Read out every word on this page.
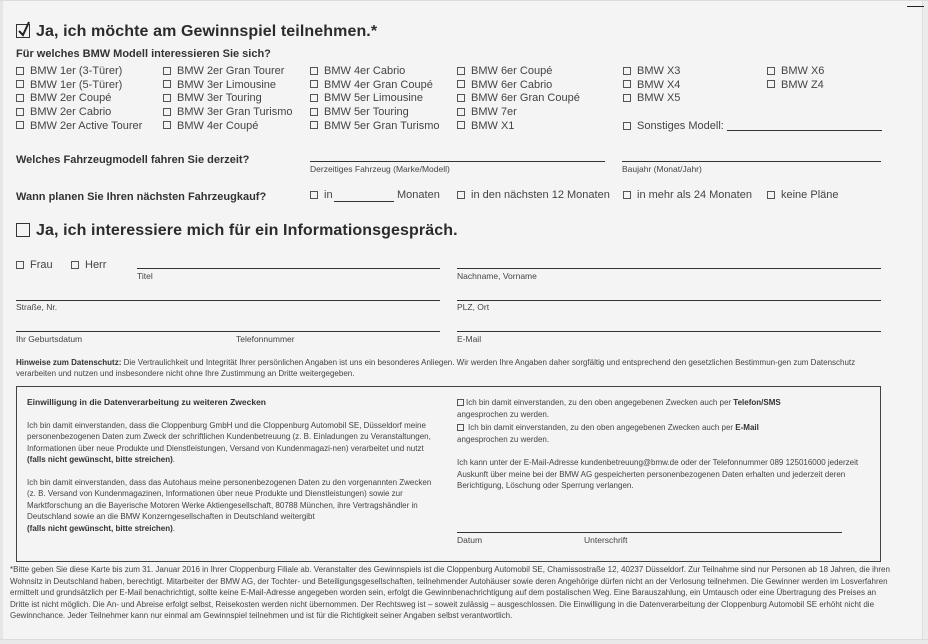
Ja, ich möchte am Gewinnspiel teilnehmen.*
Für welches BMW Modell interessieren Sie sich?
BMW 1er (3-Türer)
BMW 1er (5-Türer)
BMW 2er Coupé
BMW 2er Cabrio
BMW 2er Active Tourer
BMW 2er Gran Tourer
BMW 3er Limousine
BMW 3er Touring
BMW 3er Gran Turismo
BMW 4er Coupé
BMW 4er Cabrio
BMW 4er Gran Coupé
BMW 5er Limousine
BMW 5er Touring
BMW 5er Gran Turismo
BMW 6er Coupé
BMW 6er Cabrio
BMW 6er Gran Coupé
BMW 7er
BMW X1
BMW X3
BMW X4
BMW X5
BMW X6
BMW Z4
Sonstiges Modell:
Welches Fahrzeugmodell fahren Sie derzeit?
Derzeitiges Fahrzeug (Marke/Modell)	Baujahr (Monat/Jahr)
Wann planen Sie Ihren nächsten Fahrzeugkauf?	in	Monaten	in den nächsten 12 Monaten	in mehr als 24 Monaten	keine Pläne
Ja, ich interessiere mich für ein Informationsgespräch.
Frau	Herr
Titel	Nachname, Vorname
Straße, Nr.	PLZ, Ort
Ihr Geburtsdatum	Telefonnummer	E-Mail
Hinweise zum Datenschutz: Die Vertraulichkeit und Integrität Ihrer persönlichen Angaben ist uns ein besonderes Anliegen. Wir werden Ihre Angaben daher sorgfältig und entsprechend den gesetzlichen Bestimmun-gen zum Datenschutz verarbeiten und nutzen und insbesondere nicht ohne Ihre Zustimmung an Dritte weitergegeben.
Einwilligung in die Datenverarbeitung zu weiteren Zwecken
Ich bin damit einverstanden, dass die Cloppenburg GmbH und die Cloppenburg Automobil SE, Düsseldorf meine personenbezogenen Daten zum Zweck der schriftlichen Kundenbetreuung (z. B. Einladungen zu Veranstaltungen, Informationen über neue Produkte und Dienstleistungen, Versand von Kundenmagazi-nen) verarbeitet und nutzt (falls nicht gewünscht, bitte streichen).
Ich bin damit einverstanden, dass das Autohaus meine personenbezogenen Daten zu den vorgenannten Zwecken (z. B. Versand von Kundenmagazinen, Informationen über neue Produkte und Dienstleistungen) sowie zur Marktforschung an die Bayerische Motoren Werke Aktiengesellschaft, 80788 München, ihre Vertragshändler in Deutschland sowie an die BMW Konzerngesellschaften in Deutschland weitergibt
(falls nicht gewünscht, bitte streichen).
Ich bin damit einverstanden, zu den oben angegebenen Zwecken auch per Telefon/SMS
angesprochen zu werden.
Ich bin damit einverstanden, zu den oben angegebenen Zwecken auch per E-Mail
angesprochen zu werden.
Ich kann unter der E-Mail-Adresse kundenbetreuung@bmw.de oder der Telefonnummer 089 125016000 jederzeit Auskunft über meine bei der BMW AG gespeicherten personenbezogenen Daten erhalten und jederzeit deren Berichtigung, Löschung oder Sperrung verlangen.
Datum	Unterschrift
*Bitte geben Sie diese Karte bis zum 31. Januar 2016 in Ihrer Cloppenburg Filiale ab. Veranstalter des Gewinnspiels ist die Cloppenburg Automobil SE, Chamissostraße 12, 40237 Düsseldorf. Zur Teilnahme sind nur Personen ab 18 Jahren, die ihren Wohnsitz in Deutschland haben, berechtigt. Mitarbeiter der BMW AG, der Tochter- und Beteiligungsgesellschaften, teilnehmender Autohäuser sowie deren Angehörige dürfen nicht an der Verlosung teilnehmen. Die Gewinner werden im Losverfahren ermittelt und grundsätzlich per E-Mail benachrichtigt, sollte keine E-Mail-Adresse angegeben worden sein, erfolgt die Gewinnbenachrichtigung auf dem postalischen Weg. Eine Barauszahlung, ein Umtausch oder eine Übertragung des Preises an Dritte ist nicht möglich. Die An- und Abreise erfolgt selbst, Reisekosten werden nicht übernommen. Der Rechtsweg ist – soweit zulässig – ausgeschlossen. Die Einwilligung in die Datenverarbeitung der Cloppenburg Automobil SE erhöht nicht die Gewinnchance. Jeder Teilnehmer kann nur einmal am Gewinnspiel teilnehmen und ist für die Richtigkeit seiner Angaben selbst verantwortlich.
